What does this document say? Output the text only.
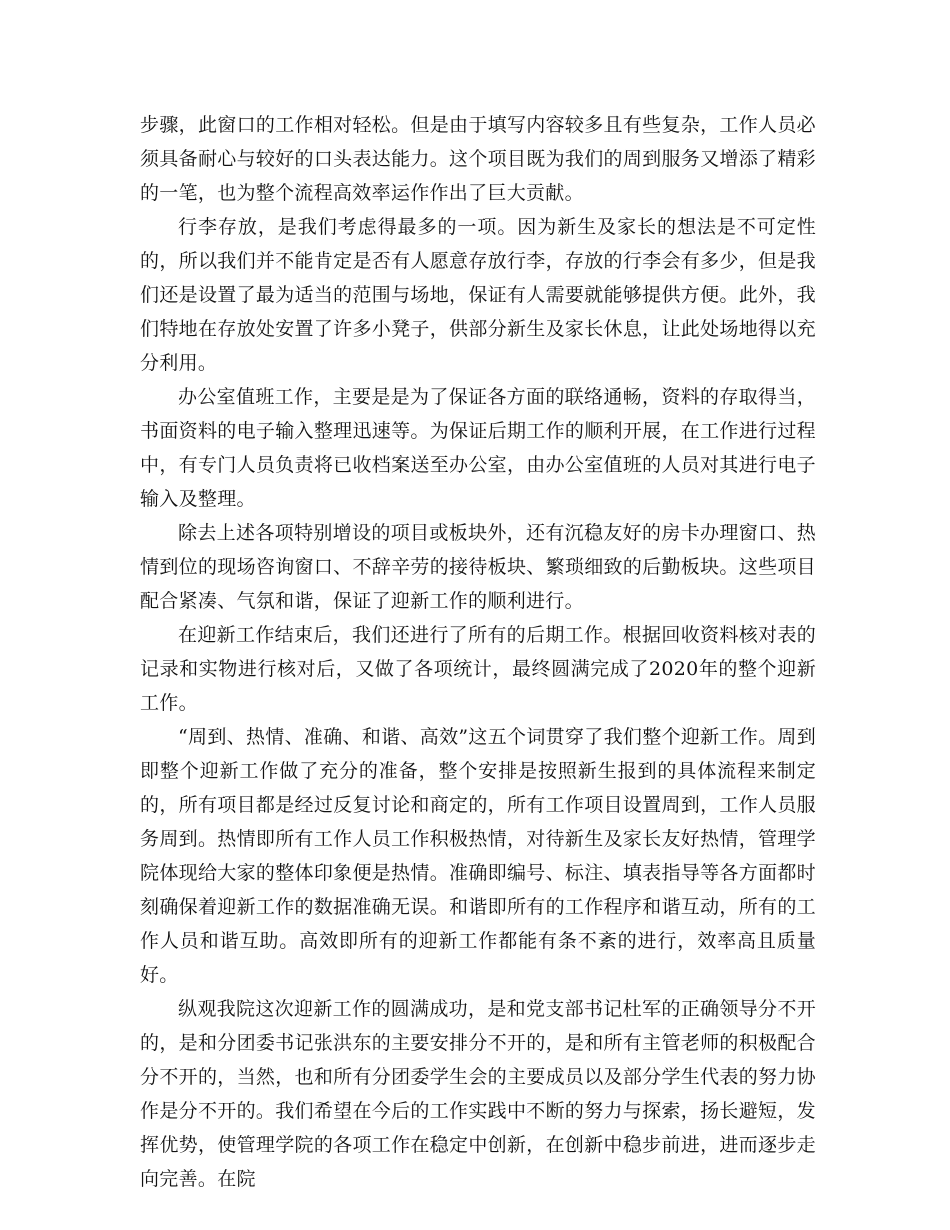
步骤，此窗口的工作相对轻松。但是由于填写内容较多且有些复杂，工作人员必须具备耐心与较好的口头表达能力。这个项目既为我们的周到服务又增添了精彩的一笔，也为整个流程高效率运作作出了巨大贡献。

行李存放，是我们考虑得最多的一项。因为新生及家长的想法是不可定性的，所以我们并不能肯定是否有人愿意存放行李，存放的行李会有多少，但是我们还是设置了最为适当的范围与场地，保证有人需要就能够提供方便。此外，我们特地在存放处安置了许多小凳子，供部分新生及家长休息，让此处场地得以充分利用。

办公室值班工作，主要是是为了保证各方面的联络通畅，资料的存取得当，书面资料的电子输入整理迅速等。为保证后期工作的顺利开展，在工作进行过程中，有专门人员负责将已收档案送至办公室，由办公室值班的人员对其进行电子输入及整理。

除去上述各项特别增设的项目或板块外，还有沉稳友好的房卡办理窗口、热情到位的现场咨询窗口、不辞辛劳的接待板块、繁琐细致的后勤板块。这些项目配合紧凑、气氛和谐，保证了迎新工作的顺利进行。

在迎新工作结束后，我们还进行了所有的后期工作。根据回收资料核对表的记录和实物进行核对后，又做了各项统计，最终圆满完成了2020年的整个迎新工作。

“周到、热情、准确、和谐、高效”这五个词贯穿了我们整个迎新工作。周到即整个迎新工作做了充分的准备，整个安排是按照新生报到的具体流程来制定的，所有项目都是经过反复讨论和商定的，所有工作项目设置周到，工作人员服务周到。热情即所有工作人员工作积极热情，对待新生及家长友好热情，管理学院体现给大家的整体印象便是热情。准确即编号、标注、填表指导等各方面都时刻确保着迎新工作的数据准确无误。和谐即所有的工作程序和谐互动，所有的工作人员和谐互助。高效即所有的迎新工作都能有条不紊的进行，效率高且质量好。

纵观我院这次迎新工作的圆满成功，是和党支部书记杜军的正确领导分不开的，是和分团委书记张洪东的主要安排分不开的，是和所有主管老师的积极配合分不开的，当然，也和所有分团委学生会的主要成员以及部分学生代表的努力协作是分不开的。我们希望在今后的工作实践中不断的努力与探索，扬长避短，发挥优势，使管理学院的各项工作在稳定中创新，在创新中稳步前进，进而逐步走向完善。在院
